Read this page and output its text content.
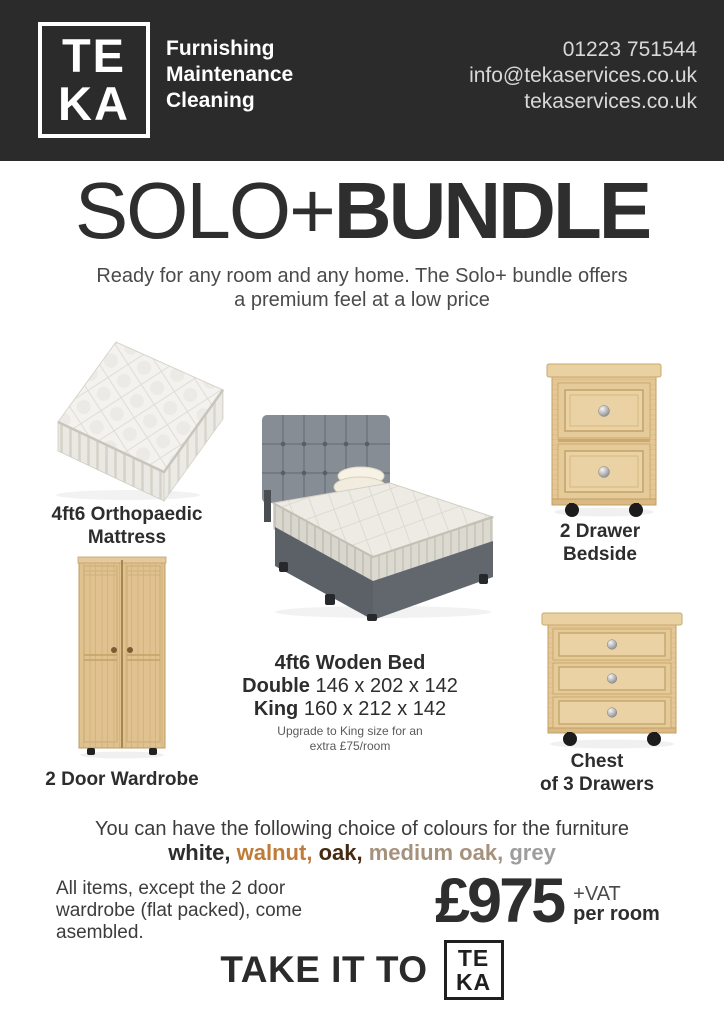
TE
KA
Furnishing
Maintenance
Cleaning
01223 751544
info@tekaservices.co.uk
tekaservices.co.uk
SOLO+BUNDLE
Ready for any room and any home. The Solo+ bundle offers
a premium feel at a low price
4ft6 Orthopaedic
Mattress	2 Drawer
Bedside
2 Door Wardrobe
Chest
of 3 Drawers
4ft6 Woden Bed
Double 146 x 202 x 142
King 160 x 212 x 142
Upgrade to King size for an
extra £75/room
You can have the following choice of colours for the furniture
white, walnut, oak, medium oak, grey
All items, except the 2 door
wardrobe (flat packed), come
asembled.	£975 +VAT
per room
TAKE IT TO TE
KA
